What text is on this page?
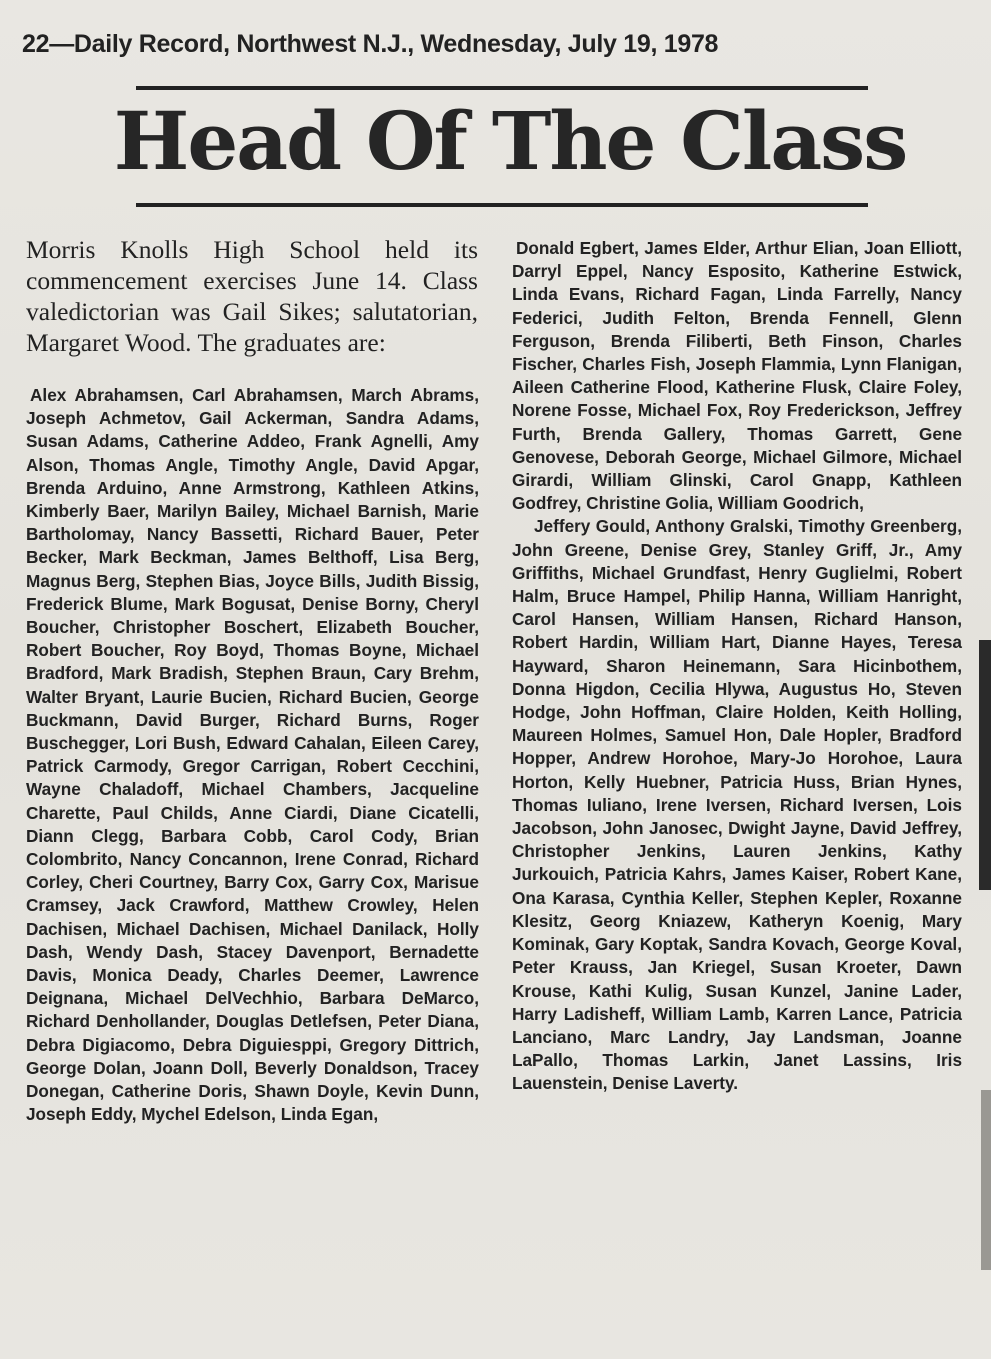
22—Daily Record, Northwest N.J., Wednesday, July 19, 1978
Head Of The Class
Morris Knolls High School held its commencement exercises June 14. Class valedictorian was Gail Sikes; salutatorian, Margaret Wood. The graduates are:

Alex Abrahamsen, Carl Abrahamsen, March Abrams, Joseph Achmetov, Gail Ackerman, Sandra Adams, Susan Adams, Catherine Addeo, Frank Agnelli, Amy Alson, Thomas Angle, Timothy Angle, David Apgar, Brenda Arduino, Anne Armstrong, Kathleen Atkins, Kimberly Baer, Marilyn Bailey, Michael Barnish, Marie Bartholomay, Nancy Bassetti, Richard Bauer, Peter Becker, Mark Beckman, James Belthoff, Lisa Berg, Magnus Berg, Stephen Bias, Joyce Bills, Judith Bissig, Frederick Blume, Mark Bogusat, Denise Borny, Cheryl Boucher, Christopher Boschert, Elizabeth Boucher, Robert Boucher, Roy Boyd, Thomas Boyne, Michael Bradford, Mark Bradish, Stephen Braun, Cary Brehm, Walter Bryant, Laurie Bucien, Richard Bucien, George Buckmann, David Burger, Richard Burns, Roger Buschegger, Lori Bush, Edward Cahalan, Eileen Carey, Patrick Carmody, Gregor Carrigan, Robert Cecchini, Wayne Chaladoff, Michael Chambers, Jacqueline Charette, Paul Childs, Anne Ciardi, Diane Cicatelli, Diann Clegg, Barbara Cobb, Carol Cody, Brian Colombrito, Nancy Concannon, Irene Conrad, Richard Corley, Cheri Courtney, Barry Cox, Garry Cox, Marisue Cramsey, Jack Crawford, Matthew Crowley, Helen Dachisen, Michael Dachisen, Michael Danilack, Holly Dash, Wendy Dash, Stacey Davenport, Bernadette Davis, Monica Deady, Charles Deemer, Lawrence Deignana, Michael DelVechhio, Barbara DeMarco, Richard Denhollander, Douglas Detlefsen, Peter Diana, Debra Digiacomo, Debra Diguiesppi, Gregory Dittrich, George Dolan, Joann Doll, Beverly Donaldson, Tracey Donegan, Catherine Doris, Shawn Doyle, Kevin Dunn, Joseph Eddy, Mychel Edelson, Linda Egan,

Donald Egbert, James Elder, Arthur Elian, Joan Elliott, Darryl Eppel, Nancy Esposito, Katherine Estwick, Linda Evans, Richard Fagan, Linda Farrelly, Nancy Federici, Judith Felton, Brenda Fennell, Glenn Ferguson, Brenda Filiberti, Beth Finson, Charles Fischer, Charles Fish, Joseph Flammia, Lynn Flanigan, Aileen Catherine Flood, Katherine Flusk, Claire Foley, Norene Fosse, Michael Fox, Roy Frederickson, Jeffrey Furth, Brenda Gallery, Thomas Garrett, Gene Genovese, Deborah George, Michael Gilmore, Michael Girardi, William Glinski, Carol Gnapp, Kathleen Godfrey, Christine Golia, William Goodrich,

Jeffery Gould, Anthony Gralski, Timothy Greenberg, John Greene, Denise Grey, Stanley Griff, Jr., Amy Griffiths, Michael Grundfast, Henry Guglielmi, Robert Halm, Bruce Hampel, Philip Hanna, William Hanright, Carol Hansen, William Hansen, Richard Hanson, Robert Hardin, William Hart, Dianne Hayes, Teresa Hayward, Sharon Heinemann, Sara Hicinbothem, Donna Higdon, Cecilia Hlywa, Augustus Ho, Steven Hodge, John Hoffman, Claire Holden, Keith Holling, Maureen Holmes, Samuel Hon, Dale Hopler, Bradford Hopper, Andrew Horohoe, Mary-Jo Horohoe, Laura Horton, Kelly Huebner, Patricia Huss, Brian Hynes, Thomas Iuliano, Irene Iversen, Richard Iversen, Lois Jacobson, John Janosec, Dwight Jayne, David Jeffrey, Christopher Jenkins, Lauren Jenkins, Kathy Jurkouich, Patricia Kahrs, James Kaiser, Robert Kane, Ona Karasa, Cynthia Keller, Stephen Kepler, Roxanne Klesitz, Georg Kniazew, Katheryn Koenig, Mary Kominak, Gary Koptak, Sandra Kovach, George Koval, Peter Krauss, Jan Kriegel, Susan Kroeter, Dawn Krouse, Kathi Kulig, Susan Kunzel, Janine Lader, Harry Ladisheff, William Lamb, Karren Lance, Patricia Lanciano, Marc Landry, Jay Landsman, Joanne LaPallo, Thomas Larkin, Janet Lassins, Iris Lauenstein, Denise Laverty.
